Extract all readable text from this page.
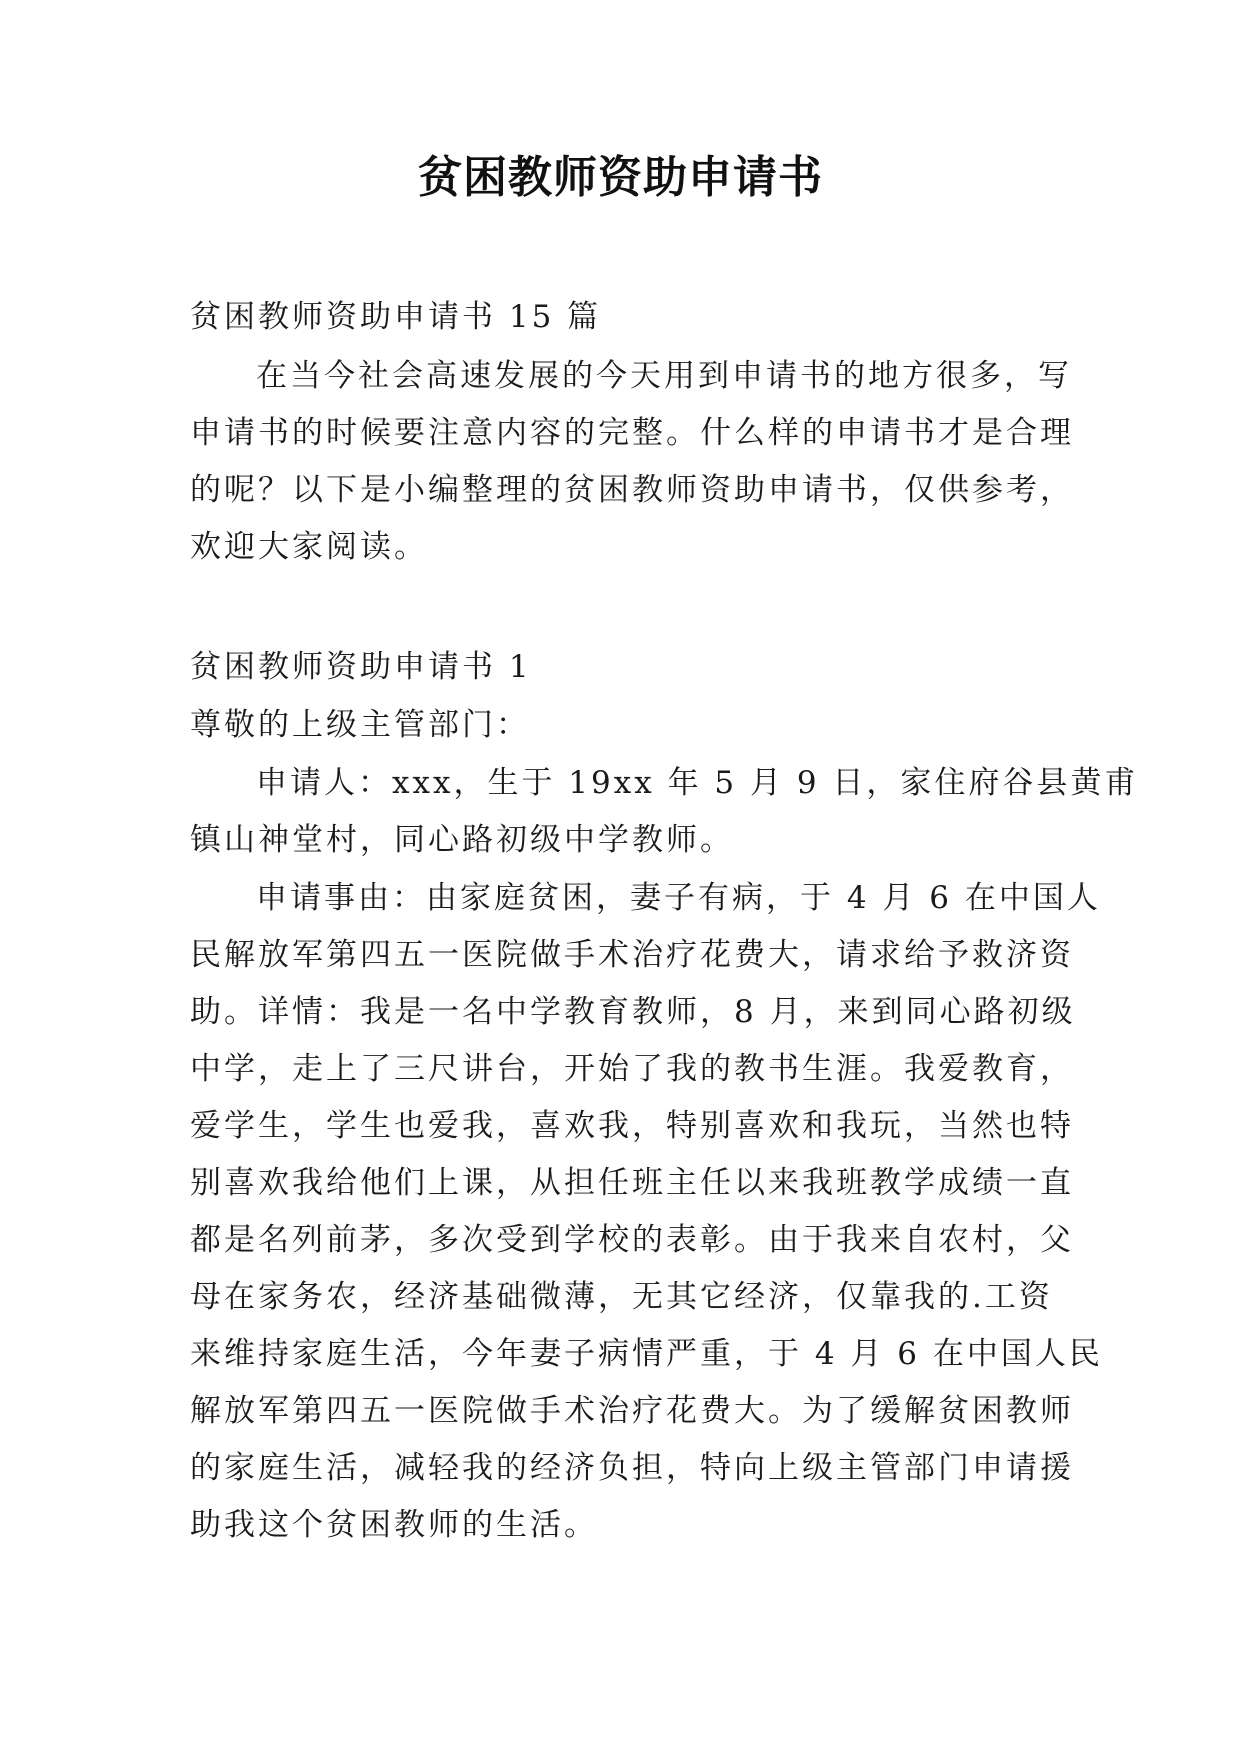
贫困教师资助申请书
贫困教师资助申请书 15 篇
在当今社会高速发展的今天用到申请书的地方很多，写
申请书的时候要注意内容的完整。什么样的申请书才是合理
的呢？以下是小编整理的贫困教师资助申请书，仅供参考，
欢迎大家阅读。
贫困教师资助申请书 1
尊敬的上级主管部门：
申请人：xxx，生于 19xx 年 5 月 9 日，家住府谷县黄甫
镇山神堂村，同心路初级中学教师。
申请事由：由家庭贫困，妻子有病，于 4 月 6 在中国人
民解放军第四五一医院做手术治疗花费大，请求给予救济资
助。详情：我是一名中学教育教师，8 月，来到同心路初级
中学，走上了三尺讲台，开始了我的教书生涯。我爱教育，
爱学生，学生也爱我，喜欢我，特别喜欢和我玩，当然也特
别喜欢我给他们上课，从担任班主任以来我班教学成绩一直
都是名列前茅，多次受到学校的表彰。由于我来自农村，父
母在家务农，经济基础微薄，无其它经济，仅靠我的.工资
来维持家庭生活，今年妻子病情严重，于 4 月 6 在中国人民
解放军第四五一医院做手术治疗花费大。为了缓解贫困教师
的家庭生活，减轻我的经济负担，特向上级主管部门申请援
助我这个贫困教师的生活。
